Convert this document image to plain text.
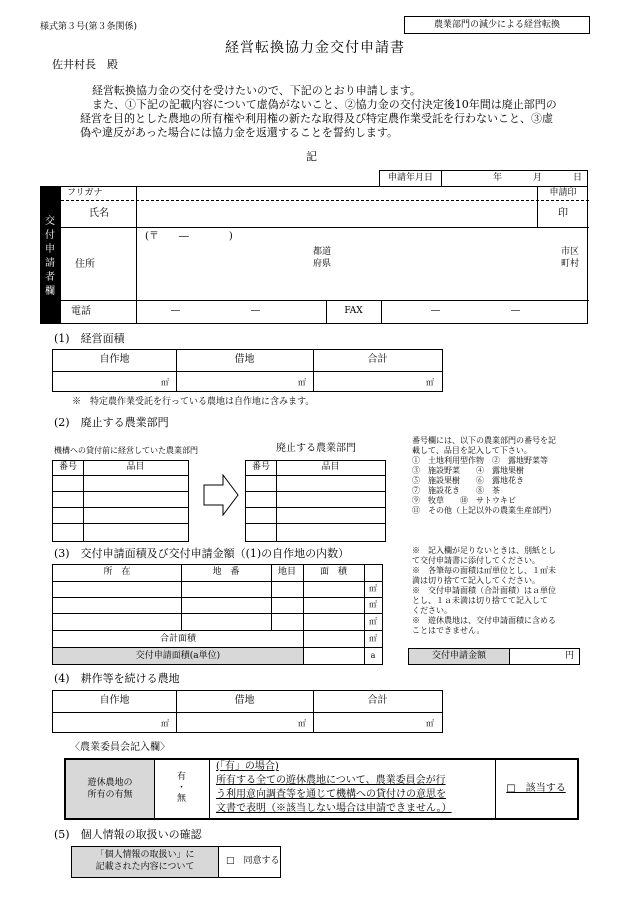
様式第３号(第３条関係)	農業部門の減少による経営転換
経営転換協力金交付申請書
佐井村長　殿
経営転換協力金の交付を受けたいので、下記のとおり申請します。
また、①下記の記載内容について虚偽がないこと、②協力金の交付決定後10年間は廃止部門の
経営を目的とした農地の所有権や利用権の新たな取得及び特定農作業受託を行わないこと、③虚
偽や違反があった場合には協力金を返還することを誓約します。
記
申請年月日	年	月	日
交付申請者欄
フリガナ	申請印
氏名	印
(〒　　―　　　　)
住所
都道
府県
市区
町村
電話	―	―	FAX	―	―
(1)　経営面積
自作地	借地	合計
㎡	㎡	㎡
※　特定農作業受託を行っている農地は自作地に含みます。
(2)　廃止する農業部門
機構への貸付前に経営していた農業部門	廃止する農業部門
番号	品目	番号	品目
番号欄には、以下の農業部門の番号を記
載して、品目を記入して下さい。
①　土地利用型作物　②　露地野菜等
③　施設野菜　　④　露地果樹
⑤　施設果樹　　⑥　露地花き
⑦　施設花き　　⑧　茶
⑨　牧草　　⑩　サトウキビ
⑪　その他（上記以外の農業生産部門）
(3)　交付申請面積及び交付申請金額（(1)の自作地の内数）
所　在	地　番	地目	面　積
㎡
㎡
㎡
㎡
合計面積
交付申請面積(a単位)	a
※　記入欄が足りないときは、別紙とし
て交付申請書に添付してください。
※　各筆毎の面積は㎡単位とし、１㎡未
満は切り捨てて記入してください。
※　交付申請面積（合計面積）はａ単位
とし、１ａ未満は切り捨てて記入して
ください。
※　遊休農地は、交付申請面積に含める
ことはできません。
交付申請金額	円
(4)　耕作等を続ける農地
自作地	借地	合計
㎡	㎡	㎡
〈農業委員会記入欄〉
遊休農地の
所有の有無
有
・
無
(「有」の場合)
所有する全ての遊休農地について、農業委員会が行
う利用意向調査等を通じて機構への貸付けの意思を
文書で表明（※該当しない場合は申請できません。）
□　該当する
(5)　個人情報の取扱いの確認
「個人情報の取扱い」に
記載された内容について
□　同意する
